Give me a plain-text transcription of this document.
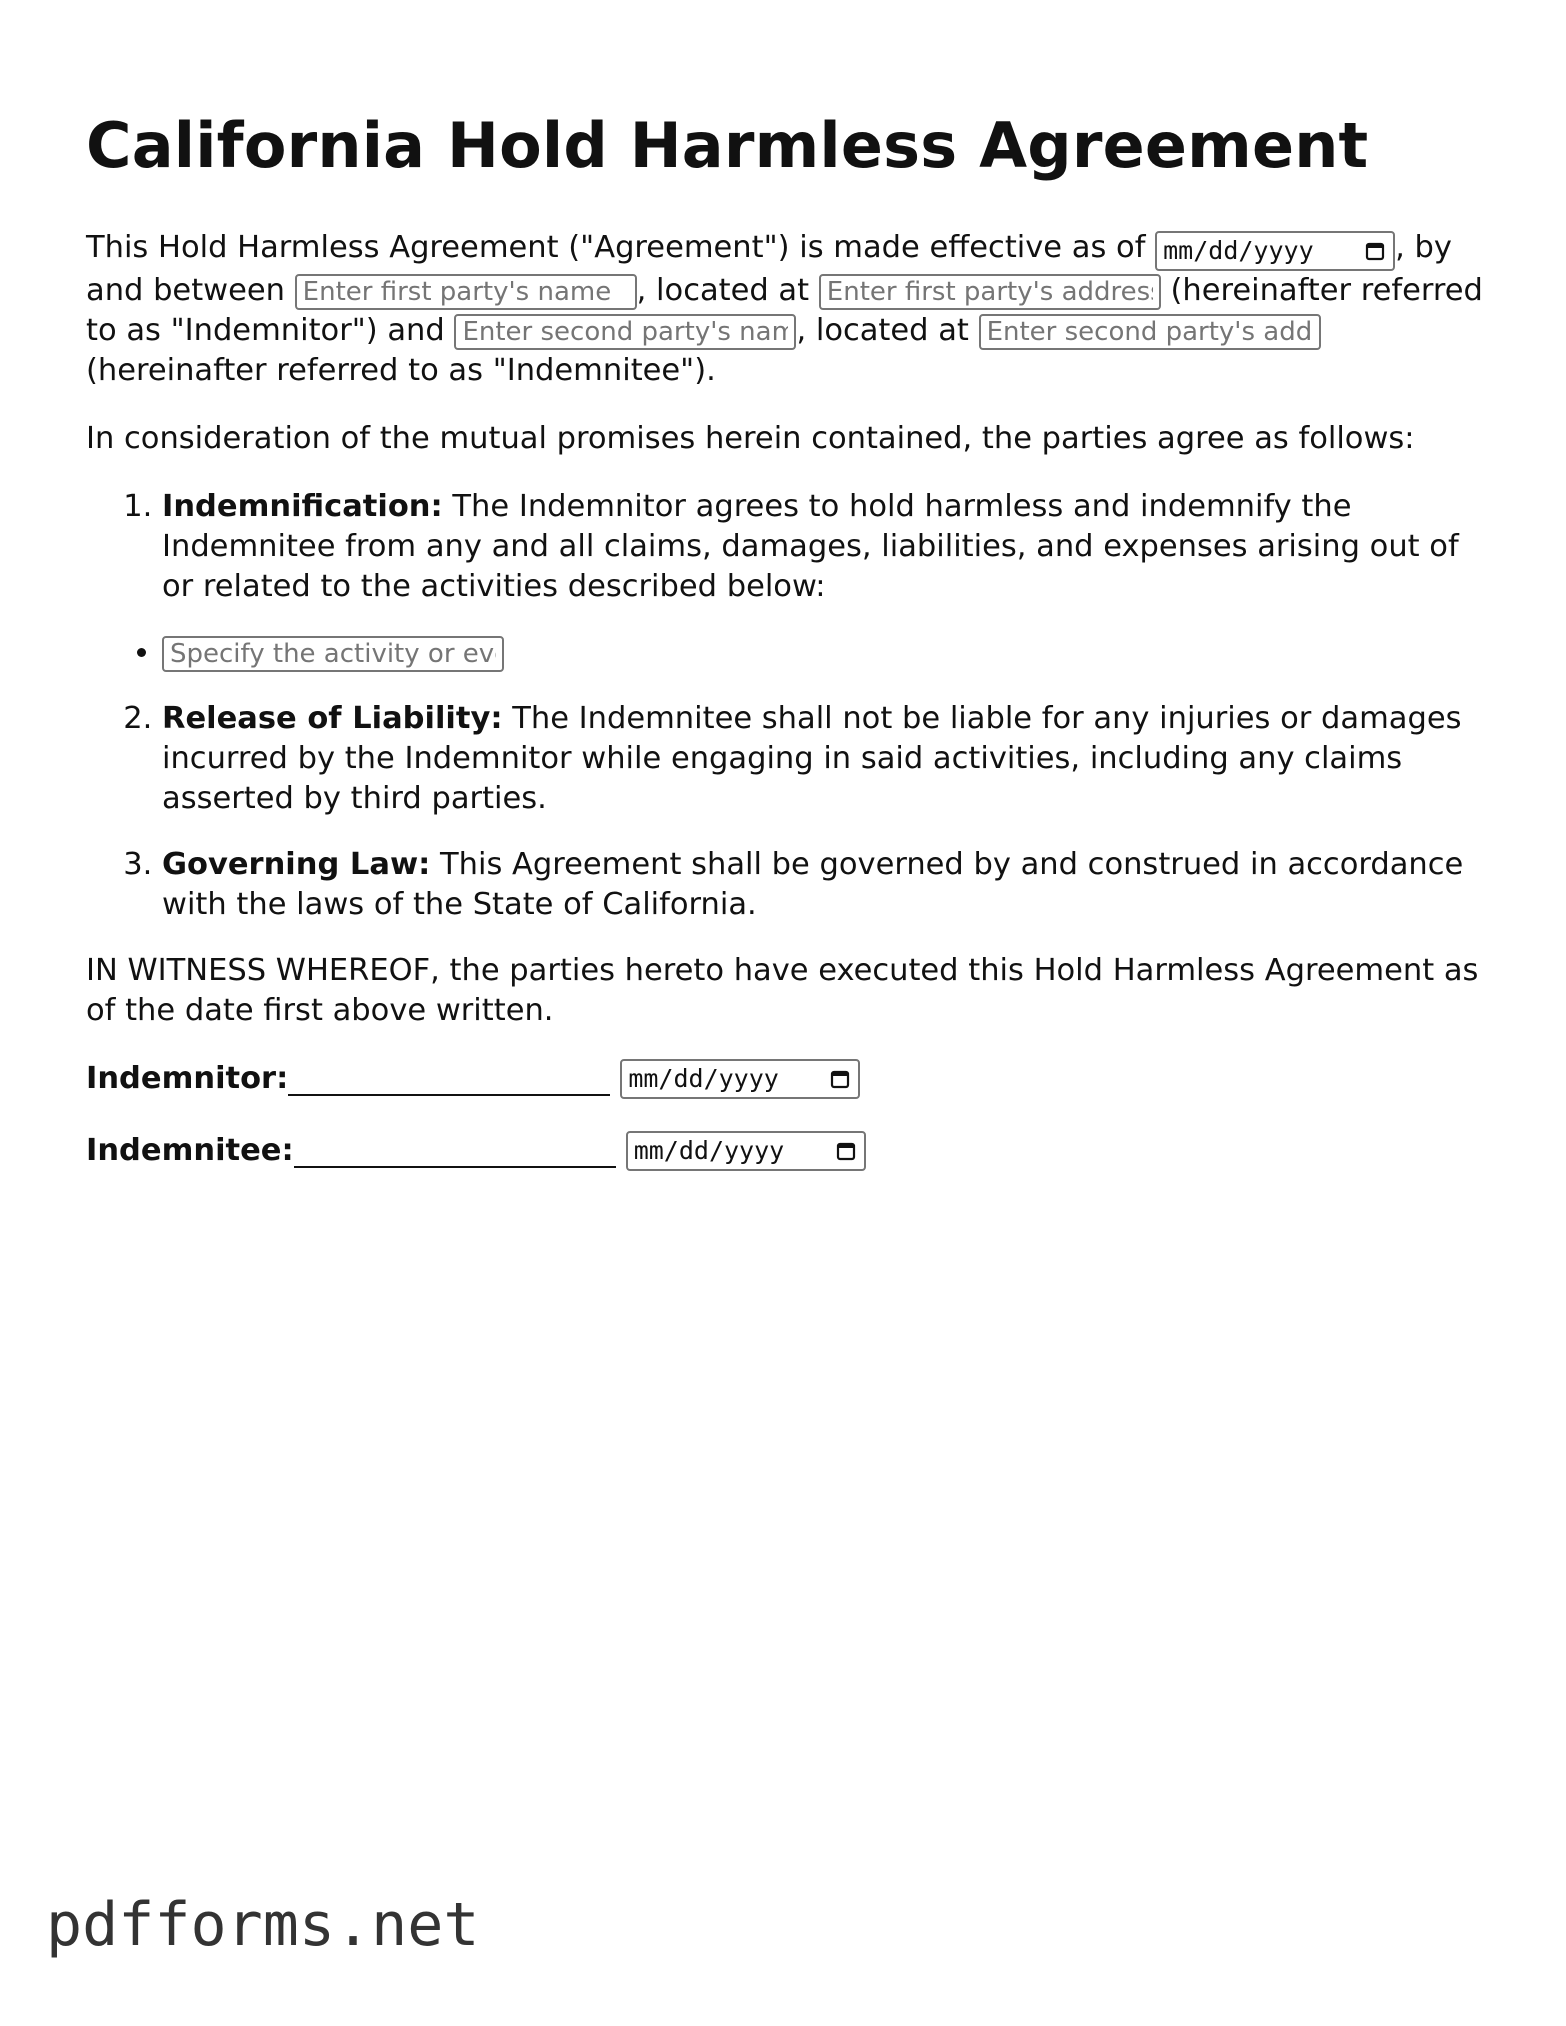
California Hold Harmless Agreement

This Hold Harmless Agreement ("Agreement") is made effective as of mm/dd/yyyy	, by and between Enter first party's name	, located at Enter first party's address	(hereinafter referred to as "Indemnitor") and Enter second party's name	, located at Enter second party's address (hereinafter referred to as "Indemnitee").

In consideration of the mutual promises herein contained, the parties agree as follows:

1. Indemnification: The Indemnitor agrees to hold harmless and indemnify the Indemnitee from any and all claims, damages, liabilities, and expenses arising out of or related to the activities described below:
• Specify the activity or event
2. Release of Liability: The Indemnitee shall not be liable for any injuries or damages incurred by the Indemnitor while engaging in said activities, including any claims asserted by third parties.
3. Governing Law: This Agreement shall be governed by and construed in accordance with the laws of the State of California.

IN WITNESS WHEREOF, the parties hereto have executed this Hold Harmless Agreement as of the date first above written.

Indemnitor:	mm/dd/yyyy
Indemnitee:	mm/dd/yyyy
pdfforms.net
